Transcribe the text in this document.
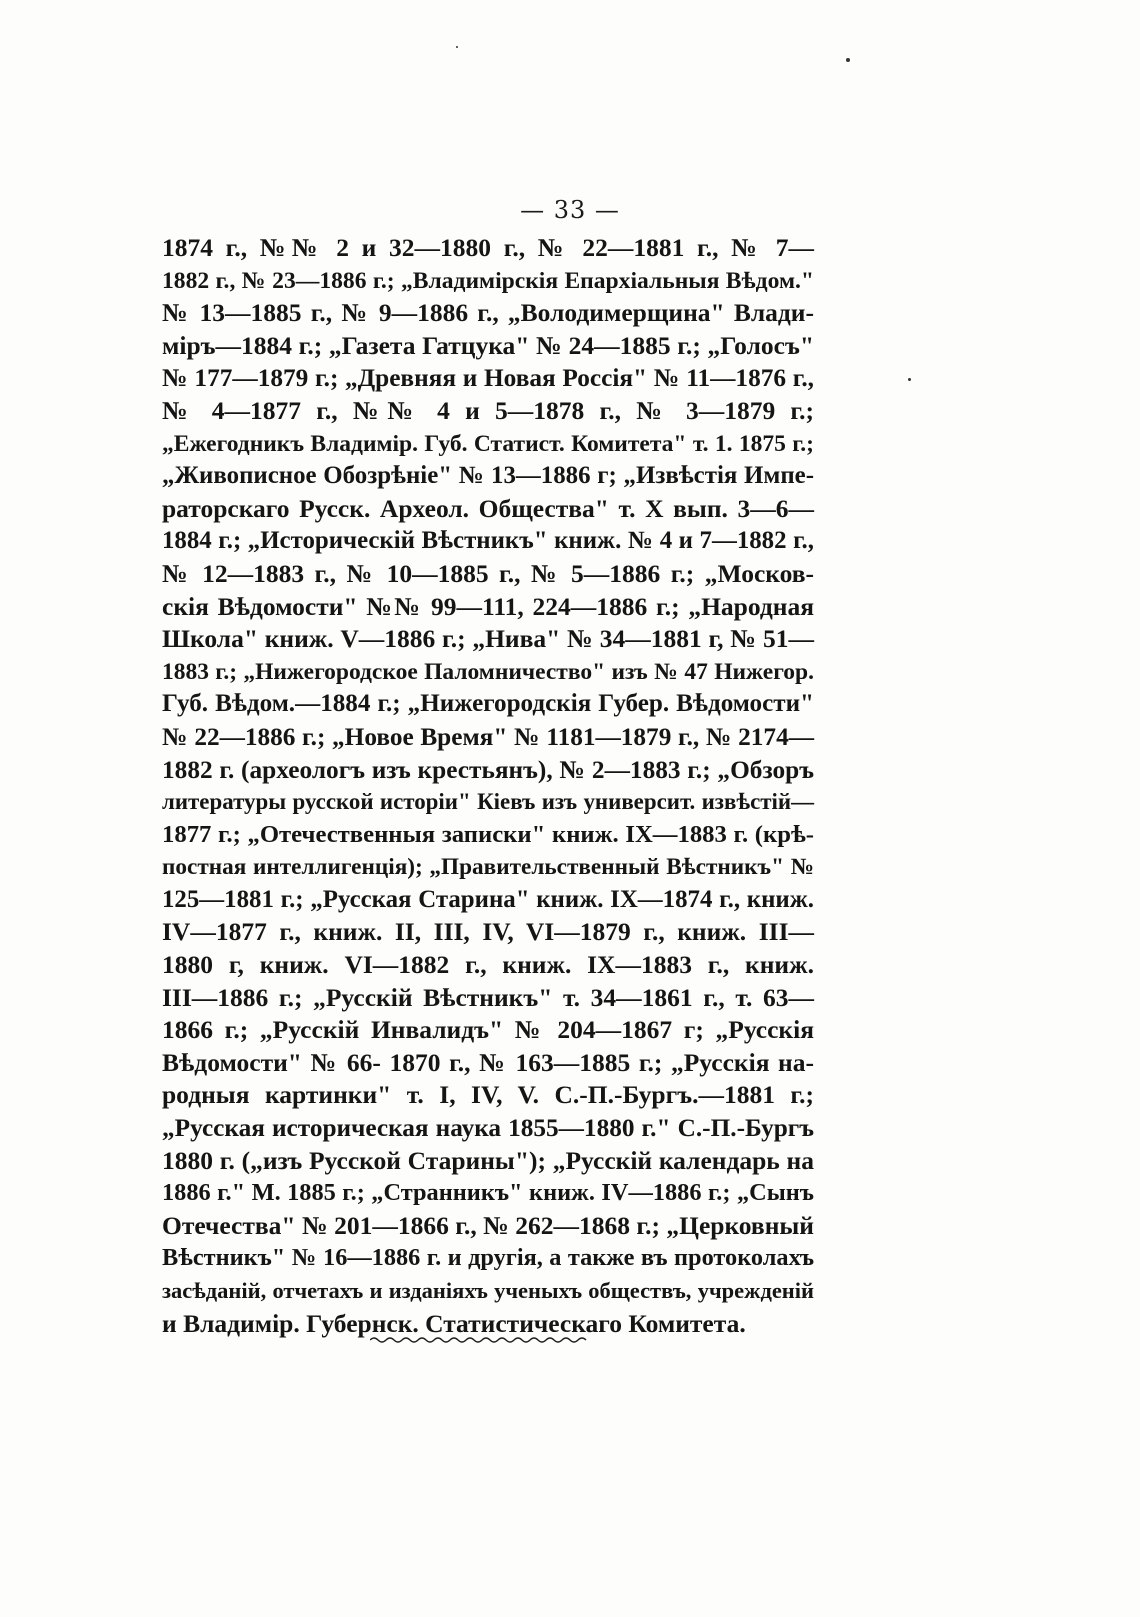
— 33 —
1874 г., №№ 2 и 32—1880 г., № 22—1881 г., № 7—
1882 г., № 23—1886 г.; „Владимірскія Епархіальныя Вѣдом."
№ 13—1885 г., № 9—1886 г., „Володимерщина" Влади-
міръ—1884 г.; „Газета Гатцука" № 24—1885 г.; „Голосъ"
№ 177—1879 г.; „Древняя и Новая Россія" № 11—1876 г.,
№ 4—1877 г., №№ 4 и 5—1878 г., № 3—1879 г.;
„Ежегодникъ Владимір. Губ. Статист. Комитета" т. 1. 1875 г.;
„Живописное Обозрѣніе" № 13—1886 г; „Извѣстія Импе-
раторскаго Русск. Археол. Общества" т. X вып. 3—6—
1884 г.; „Историческій Вѣстникъ" книж. № 4 и 7—1882 г.,
№ 12—1883 г., № 10—1885 г., № 5—1886 г.; „Москов-
скія Вѣдомости" №№ 99—111, 224—1886 г.; „Народная
Школа" книж. V—1886 г.; „Нива" № 34—1881 г, № 51—
1883 г.; „Нижегородское Паломничество" изъ № 47 Нижегор.
Губ. Вѣдом.—1884 г.; „Нижегородскія Губер. Вѣдомости"
№ 22—1886 г.; „Новое Время" № 1181—1879 г., № 2174—
1882 г. (археологъ изъ крестьянъ), № 2—1883 г.; „Обзоръ
литературы русской исторіи" Кіевъ изъ университ. извѣстій—
1877 г.; „Отечественныя записки" книж. IX—1883 г. (крѣ-
постная интеллигенція); „Правительственный Вѣстникъ" №
125—1881 г.; „Русская Старина" книж. IX—1874 г., книж.
IV—1877 г., книж. II, III, IV, VI—1879 г., книж. III—
1880 г, книж. VI—1882 г., книж. IX—1883 г., книж.
III—1886 г.; „Русскій Вѣстникъ" т. 34—1861 г., т. 63—
1866 г.; „Русскій Инвалидъ" № 204—1867 г; „Русскія
Вѣдомости" № 66- 1870 г., № 163—1885 г.; „Русскія на-
родныя картинки" т. I, IV, V. С.-П.-Бургъ.—1881 г.;
„Русская историческая наука 1855—1880 г." С.-П.-Бургъ
1880 г. („изъ Русской Старины"); „Русскій календарь на
1886 г." М. 1885 г.; „Странникъ" книж. IV—1886 г.; „Сынъ
Отечества" № 201—1866 г., № 262—1868 г.; „Церковный
Вѣстникъ" № 16—1886 г. и другія, а также въ протоколахъ
засѣданій, отчетахъ и изданіяхъ ученыхъ обществъ, учрежденій
и Владимір. Губернск. Статистическаго Комитета.
